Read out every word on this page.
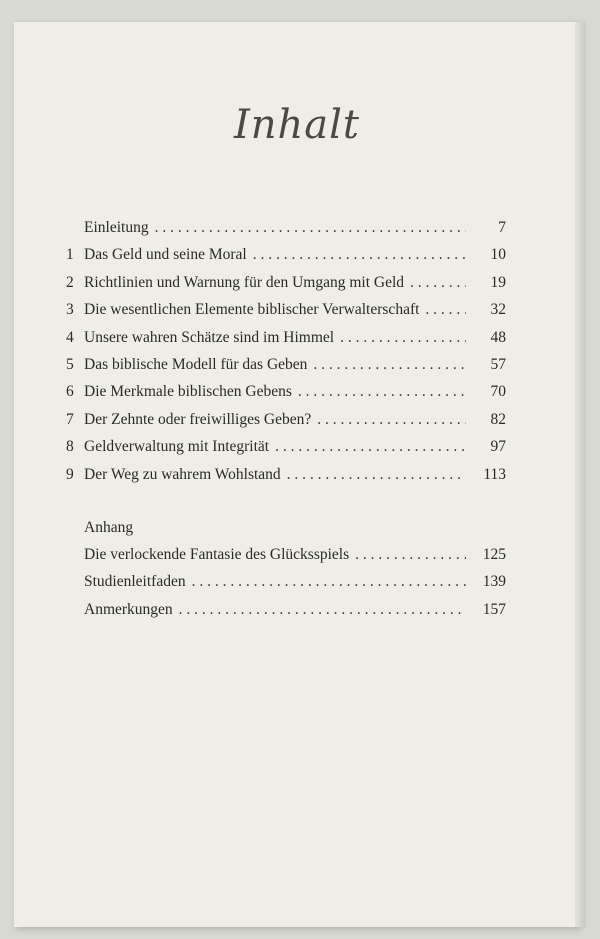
Inhalt
Einleitung . . .	7
1 Das Geld und seine Moral . . .	10
2 Richtlinien und Warnung für den Umgang mit Geld . . .	19
3 Die wesentlichen Elemente biblischer Verwalterschaft . . .	32
4 Unsere wahren Schätze sind im Himmel . . .	48
5 Das biblische Modell für das Geben . . .	57
6 Die Merkmale biblischen Gebens . . .	70
7 Der Zehnte oder freiwilliges Geben? . . .	82
8 Geldverwaltung mit Integrität . . .	97
9 Der Weg zu wahrem Wohlstand . . .	113
Anhang
Die verlockende Fantasie des Glücksspiels . . .	125
Studienleitfaden . . .	139
Anmerkungen . . .	157
